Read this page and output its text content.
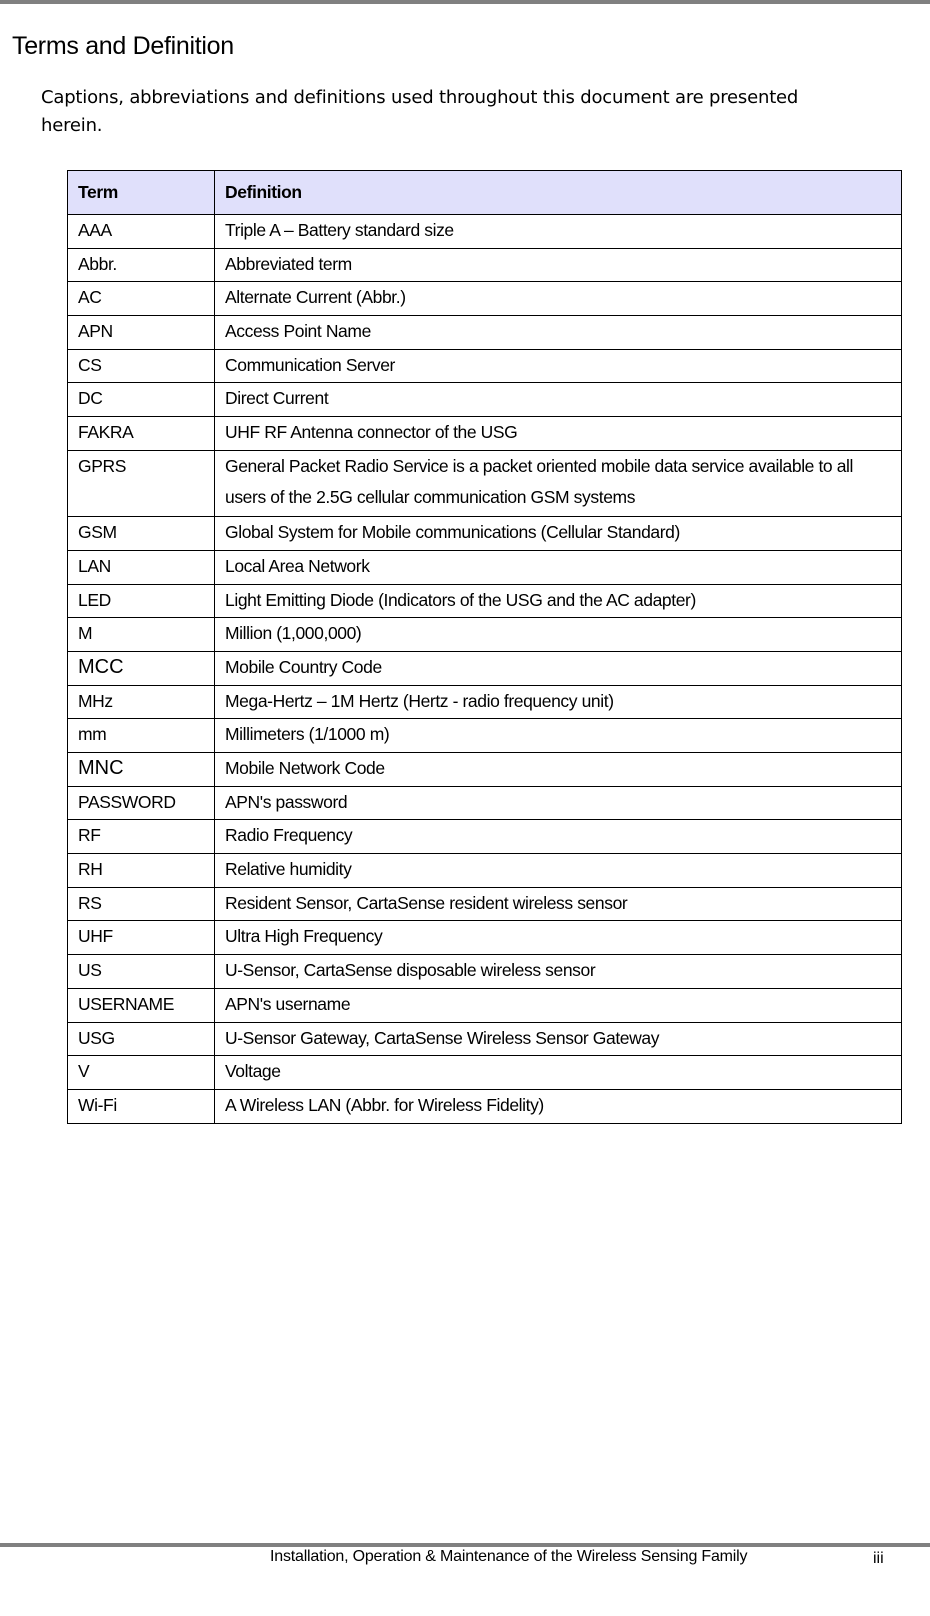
Terms and Definition

Captions, abbreviations and definitions used throughout this document are presented herein.

Term	Definition
AAA	Triple A – Battery standard size
Abbr.	Abbreviated term
AC	Alternate Current (Abbr.)
APN	Access Point Name
CS	Communication Server
DC	Direct Current
FAKRA	UHF RF Antenna connector of the USG
GPRS	General Packet Radio Service is a packet oriented mobile data service available to all users of the 2.5G cellular communication GSM systems
GSM	Global System for Mobile communications (Cellular Standard)
LAN	Local Area Network
LED	Light Emitting Diode (Indicators of the USG and the AC adapter)
M	Million (1,000,000)
MCC	Mobile Country Code
MHz	Mega-Hertz – 1M Hertz (Hertz - radio frequency unit)
mm	Millimeters (1/1000 m)
MNC	Mobile Network Code
PASSWORD	APN's password
RF	Radio Frequency
RH	Relative humidity
RS	Resident Sensor, CartaSense resident wireless sensor
UHF	Ultra High Frequency
US	U-Sensor, CartaSense disposable wireless sensor
USERNAME	APN's username
USG	U-Sensor Gateway, CartaSense Wireless Sensor Gateway
V	Voltage
Wi-Fi	A Wireless LAN (Abbr. for Wireless Fidelity)
Installation, Operation & Maintenance of the Wireless Sensing Family	iii
